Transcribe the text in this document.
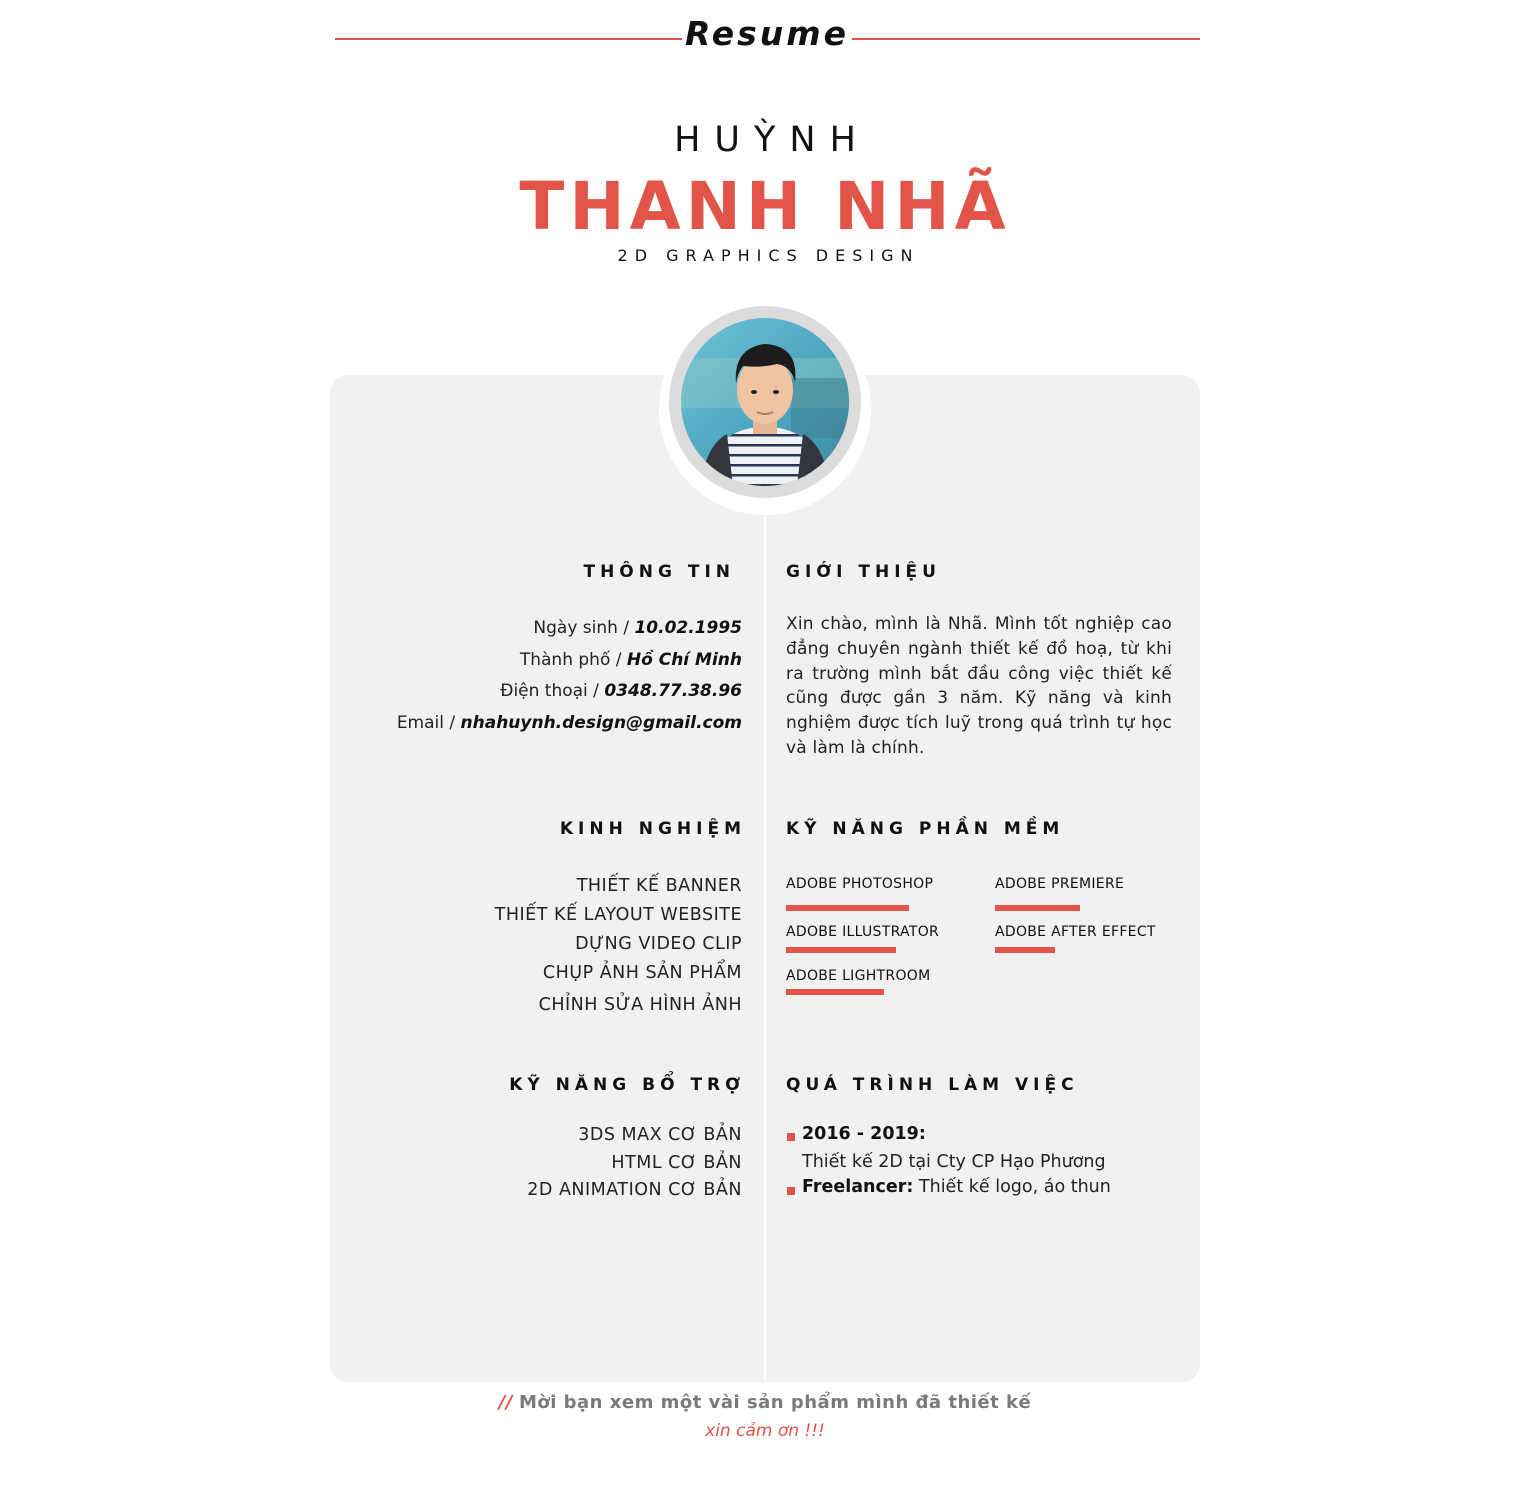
Resume
HUỲNH
THANH NHÃ
2D GRAPHICS DESIGN
THÔNG TIN
Ngày sinh / 10.02.1995
Thành phố / Hồ Chí Minh
Điện thoại / 0348.77.38.96
Email / nhahuynh.design@gmail.com
GIỚI THIỆU
Xin chào, mình là Nhã. Mình tốt nghiệp cao đẳng chuyên ngành thiết kế đồ hoạ, từ khi ra trường mình bắt đầu công việc thiết kế cũng được gần 3 năm. Kỹ năng và kinh nghiệm được tích luỹ trong quá trình tự học và làm là chính.
KINH NGHIỆM
THIẾT KẾ BANNER
THIẾT KẾ LAYOUT WEBSITE
DỰNG VIDEO CLIP
CHỤP ẢNH SẢN PHẨM
CHỈNH SỬA HÌNH ẢNH
KỸ NĂNG PHẦN MỀM
ADOBE PHOTOSHOP	ADOBE PREMIERE
ADOBE ILLUSTRATOR	ADOBE AFTER EFFECT
ADOBE LIGHTROOM
KỸ NĂNG BỔ TRỢ
3DS MAX CƠ BẢN
HTML CƠ BẢN
2D ANIMATION CƠ BẢN
QUÁ TRÌNH LÀM VIỆC
2016 - 2019:
Thiết kế 2D tại Cty CP Hạo Phương
Freelancer: Thiết kế logo, áo thun
// Mời bạn xem một vài sản phẩm mình đã thiết kế
xin cảm ơn !!!
